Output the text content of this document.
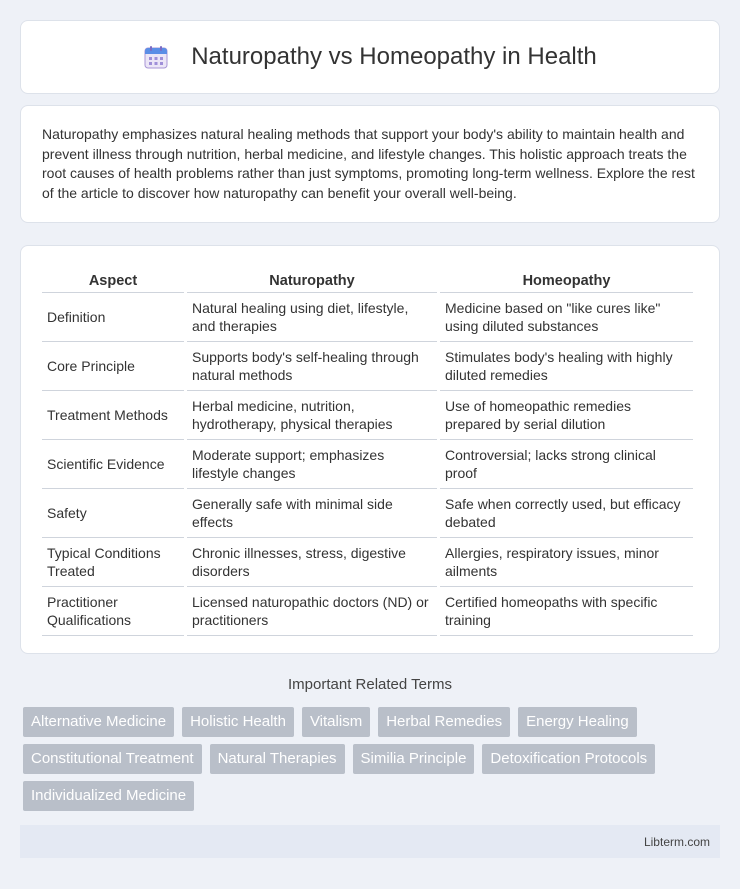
Naturopathy vs Homeopathy in Health

Naturopathy emphasizes natural healing methods that support your body's ability to maintain health and prevent illness through nutrition, herbal medicine, and lifestyle changes. This holistic approach treats the root causes of health problems rather than just symptoms, promoting long-term wellness. Explore the rest of the article to discover how naturopathy can benefit your overall well-being.

Aspect	Naturopathy	Homeopathy
Definition	Natural healing using diet, lifestyle, and therapies	Medicine based on "like cures like" using diluted substances
Core Principle	Supports body's self-healing through natural methods	Stimulates body's healing with highly diluted remedies
Treatment Methods	Herbal medicine, nutrition, hydrotherapy, physical therapies	Use of homeopathic remedies prepared by serial dilution
Scientific Evidence	Moderate support; emphasizes lifestyle changes	Controversial; lacks strong clinical proof
Safety	Generally safe with minimal side effects	Safe when correctly used, but efficacy debated
Typical Conditions Treated	Chronic illnesses, stress, digestive disorders	Allergies, respiratory issues, minor ailments
Practitioner Qualifications	Licensed naturopathic doctors (ND) or practitioners	Certified homeopaths with specific training
Important Related Terms
Alternative Medicine	Holistic Health	Vitalism	Herbal Remedies	Energy Healing
Constitutional Treatment	Natural Therapies	Similia Principle	Detoxification Protocols
Individualized Medicine
Libterm.com
